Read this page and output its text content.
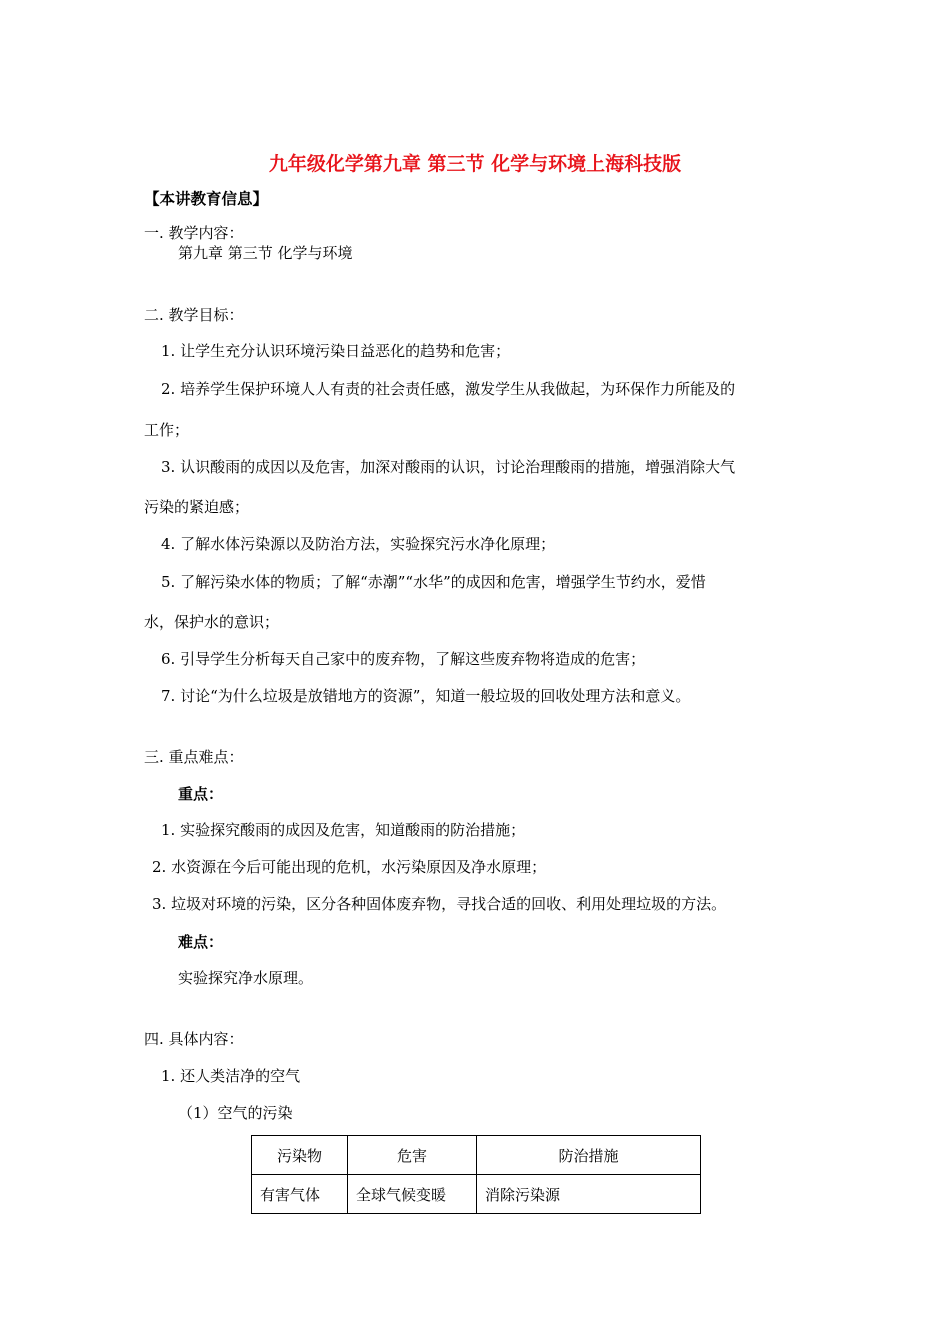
九年级化学第九章 第三节 化学与环境上海科技版
【本讲教育信息】
一. 教学内容：
第九章 第三节 化学与环境
二. 教学目标：
1. 让学生充分认识环境污染日益恶化的趋势和危害；
2. 培养学生保护环境人人有责的社会责任感，激发学生从我做起，为环保作力所能及的
工作；
3. 认识酸雨的成因以及危害，加深对酸雨的认识，讨论治理酸雨的措施，增强消除大气
污染的紧迫感；
4. 了解水体污染源以及防治方法，实验探究污水净化原理；
5. 了解污染水体的物质；了解“赤潮”“水华”的成因和危害，增强学生节约水，爱惜
水，保护水的意识；
6. 引导学生分析每天自己家中的废弃物，了解这些废弃物将造成的危害；
7. 讨论“为什么垃圾是放错地方的资源”，知道一般垃圾的回收处理方法和意义。
三. 重点难点：
重点：
1. 实验探究酸雨的成因及危害，知道酸雨的防治措施；
2. 水资源在今后可能出现的危机，水污染原因及净水原理；
3. 垃圾对环境的污染，区分各种固体废弃物，寻找合适的回收、利用处理垃圾的方法。
难点：
实验探究净水原理。
四. 具体内容：
1. 还人类洁净的空气
（1）空气的污染
污染物	危害	防治措施
有害气体	全球气候变暖	消除污染源
